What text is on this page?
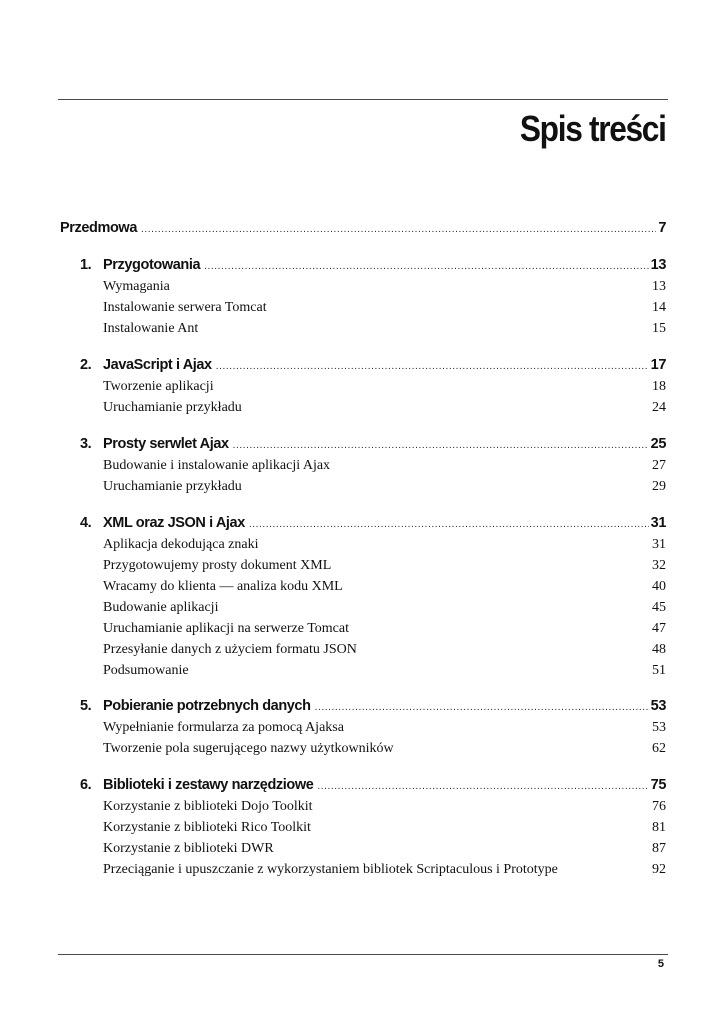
Spis treści
Przedmowa .....	7
1. Przygotowania .....	13
Wymagania	13
Instalowanie serwera Tomcat	14
Instalowanie Ant	15
2. JavaScript i Ajax .....	17
Tworzenie aplikacji	18
Uruchamianie przykładu	24
3. Prosty serwlet Ajax .....	25
Budowanie i instalowanie aplikacji Ajax	27
Uruchamianie przykładu	29
4. XML oraz JSON i Ajax .....	31
Aplikacja dekodująca znaki	31
Przygotowujemy prosty dokument XML	32
Wracamy do klienta — analiza kodu XML	40
Budowanie aplikacji	45
Uruchamianie aplikacji na serwerze Tomcat	47
Przesyłanie danych z użyciem formatu JSON	48
Podsumowanie	51
5. Pobieranie potrzebnych danych .....	53
Wypełnianie formularza za pomocą Ajaksa	53
Tworzenie pola sugerującego nazwy użytkowników	62
6. Biblioteki i zestawy narzędziowe .....	75
Korzystanie z biblioteki Dojo Toolkit	76
Korzystanie z biblioteki Rico Toolkit	81
Korzystanie z biblioteki DWR	87
Przeciąganie i upuszczanie z wykorzystaniem bibliotek Scriptaculous i Prototype	92
5
